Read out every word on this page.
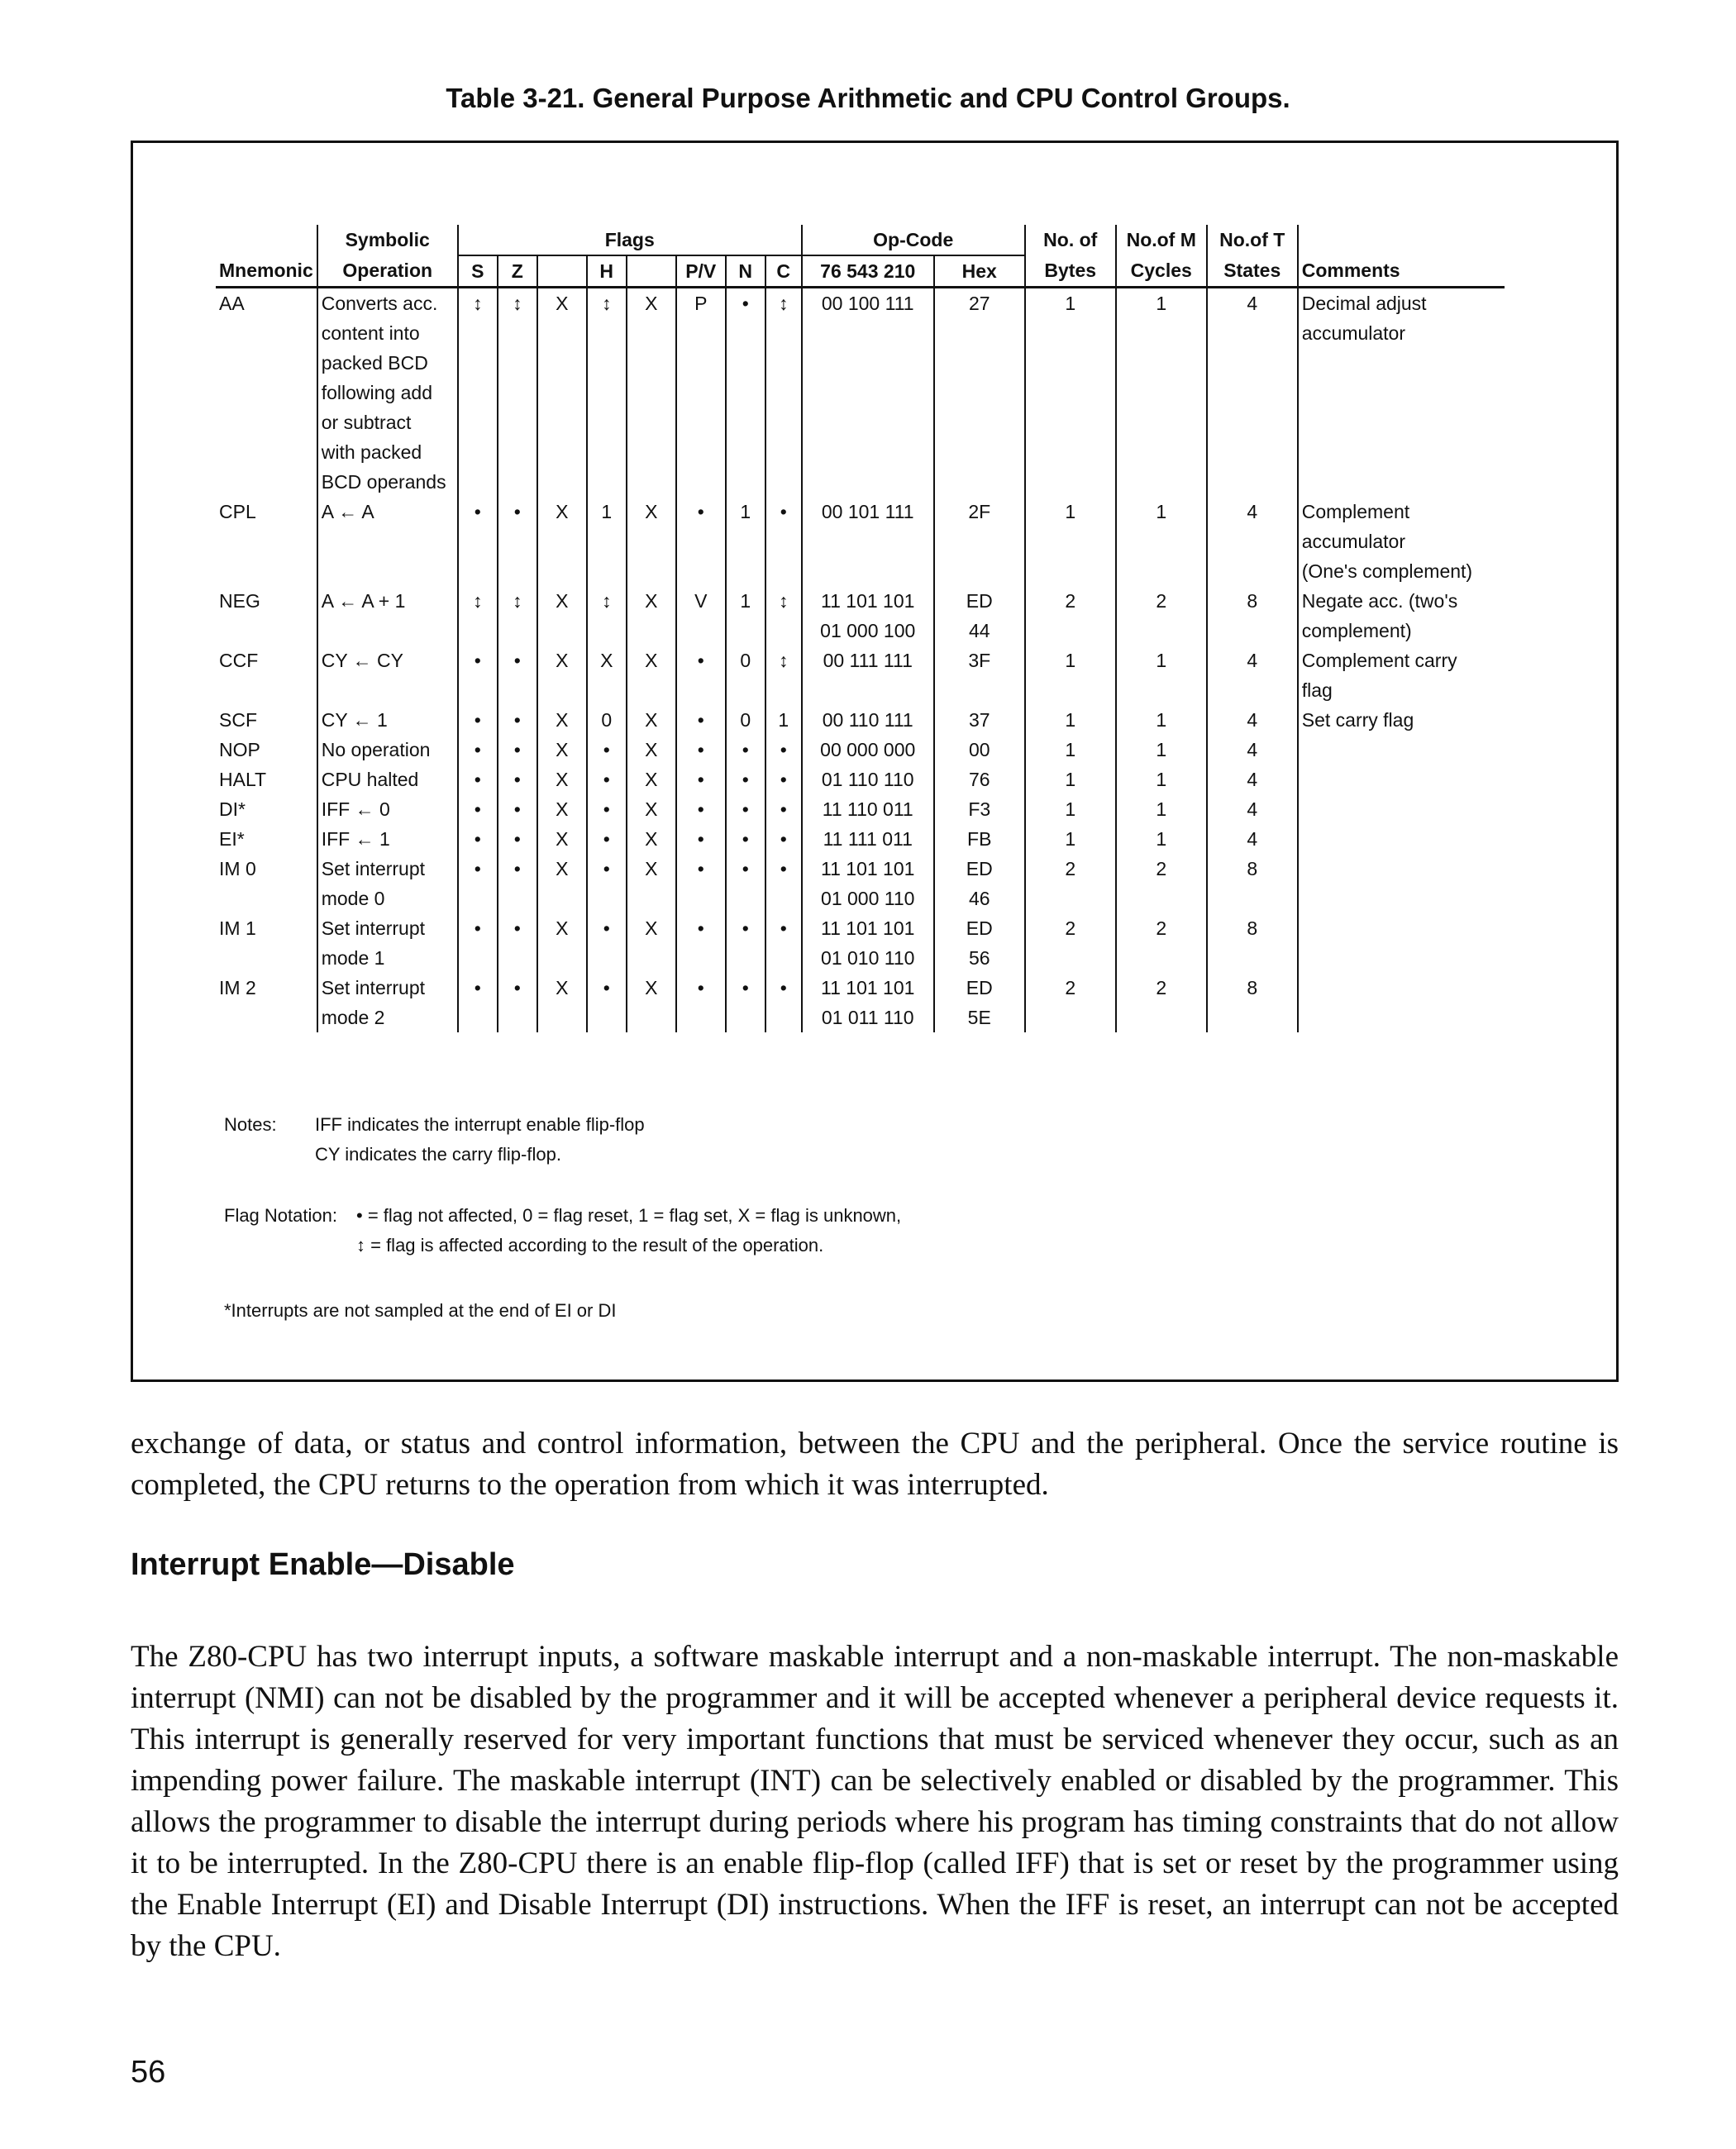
Table 3-21. General Purpose Arithmetic and CPU Control Groups.
	Symbolic	Flags								Op-Code		No. of	No.of M	No.of T	
Mnemonic	Operation	S	Z		H		P/V	N	C	76 543 210	Hex	Bytes	Cycles	States	Comments
AA	Converts acc.	↕	↕	X	↕	X	P	•	↕	00 100 111	27	1	1	4	Decimal adjust
	content into														accumulator
	packed BCD														
	following add														
	or subtract														
	with packed														
	BCD operands														
CPL	A ← A	•	•	X	1	X	•	1	•	00 101 111	2F	1	1	4	Complement
															accumulator
															(One's complement)
NEG	A ← A + 1	↕	↕	X	↕	X	V	1	↕	11 101 101	ED	2	2	8	Negate acc. (two's
										01 000 100	44				complement)
CCF	CY ← CY	•	•	X	X	X	•	0	↕	00 111 111	3F	1	1	4	Complement carry
															flag
SCF	CY ← 1	•	•	X	0	X	•	0	1	00 110 111	37	1	1	4	Set carry flag
NOP	No operation	•	•	X	•	X	•	•	•	00 000 000	00	1	1	4	
HALT	CPU halted	•	•	X	•	X	•	•	•	01 110 110	76	1	1	4	
DI*	IFF ← 0	•	•	X	•	X	•	•	•	11 110 011	F3	1	1	4	
EI*	IFF ← 1	•	•	X	•	X	•	•	•	11 111 011	FB	1	1	4	
IM 0	Set interrupt	•	•	X	•	X	•	•	•	11 101 101	ED	2	2	8	
	mode 0									01 000 110	46				
IM 1	Set interrupt	•	•	X	•	X	•	•	•	11 101 101	ED	2	2	8	
	mode 1									01 010 110	56				
IM 2	Set interrupt	•	•	X	•	X	•	•	•	11 101 101	ED	2	2	8	
	mode 2									01 011 110	5E				
Notes: IFF indicates the interrupt enable flip-flop
CY indicates the carry flip-flop.
Flag Notation: • = flag not affected, 0 = flag reset, 1 = flag set, X = flag is unknown,
↕ = flag is affected according to the result of the operation.
*Interrupts are not sampled at the end of EI or DI

exchange of data, or status and control information, between the CPU and the peripheral. Once the service routine is completed, the CPU returns to the operation from which it was interrupted.

Interrupt Enable—Disable

The Z80-CPU has two interrupt inputs, a software maskable interrupt and a non-maskable interrupt. The non-maskable interrupt (NMI) can not be disabled by the programmer and it will be accepted whenever a peripheral device requests it. This interrupt is generally reserved for very important functions that must be serviced whenever they occur, such as an impending power failure. The maskable interrupt (INT) can be selectively enabled or disabled by the programmer. This allows the programmer to disable the interrupt during periods where his program has timing constraints that do not allow it to be interrupted. In the Z80-CPU there is an enable flip-flop (called IFF) that is set or reset by the programmer using the Enable Interrupt (EI) and Disable Interrupt (DI) instructions. When the IFF is reset, an interrupt can not be accepted by the CPU.

56
